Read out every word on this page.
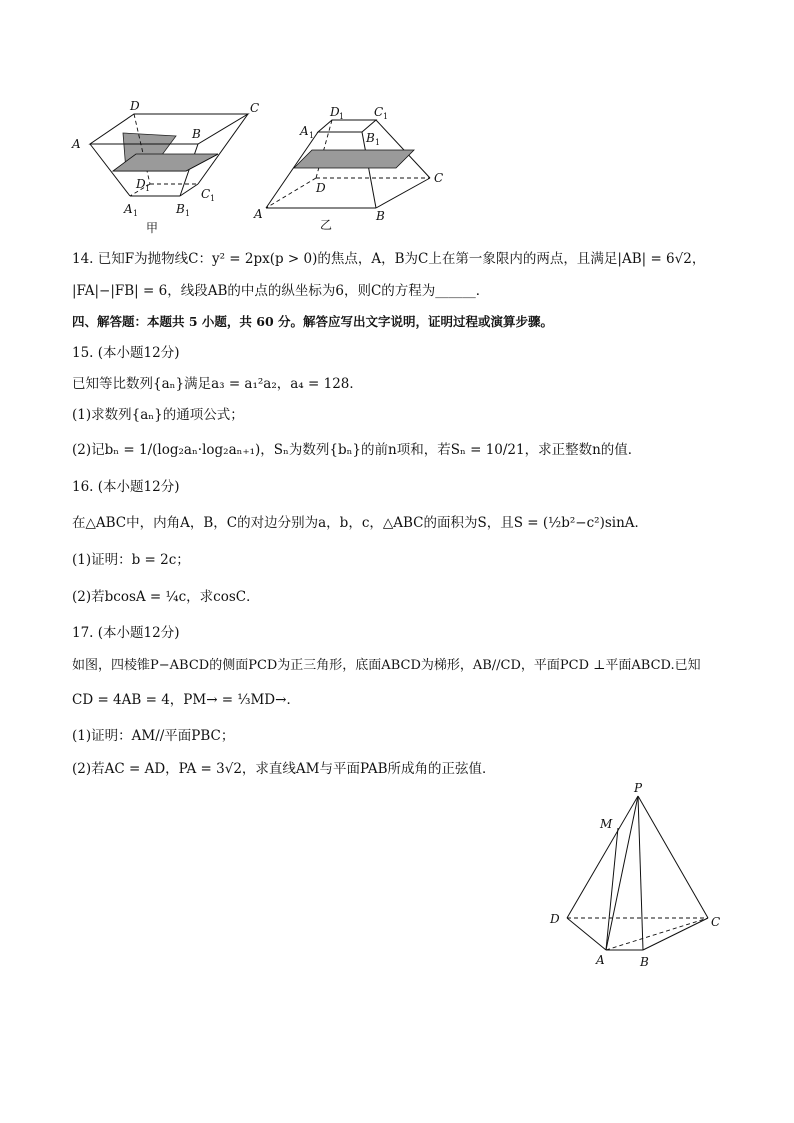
D	C
A
B
D 1	C 1
A 1	B 1
甲
D 1 C 1
A 1	B 1
D
C
A	B
乙
14. 已知F为抛物线C：y² = 2px(p > 0)的焦点，A，B为C上在第一象限内的两点，且满足|AB| = 6√2，
|FA|−|FB| = 6，线段AB的中点的纵坐标为6，则C的方程为______．
四、解答题：本题共 5 小题，共 60 分。解答应写出文字说明，证明过程或演算步骤。
15. (本小题12分)
已知等比数列{aₙ}满足a₃ = a₁²a₂，a₄ = 128．
(1)求数列{aₙ}的通项公式；
(2)记bₙ = 1/(log₂aₙ·log₂aₙ₊₁)，Sₙ为数列{bₙ}的前n项和，若Sₙ = 10/21，求正整数n的值．
16. (本小题12分)
在△ABC中，内角A，B，C的对边分别为a，b，c，△ABC的面积为S，且S = (½b²−c²)sinA．
(1)证明：b = 2c；
(2)若bcosA = ¼c，求cosC．
17. (本小题12分)
如图，四棱锥P−ABCD的侧面PCD为正三角形，底面ABCD为梯形，AB//CD，平面PCD ⊥平面ABCD.已知
CD = 4AB = 4，PM→ = ⅓MD→．
(1)证明：AM//平面PBC；
(2)若AC = AD，PA = 3√2，求直线AM与平面PAB所成角的正弦值．
P
M
D	C
A	B
